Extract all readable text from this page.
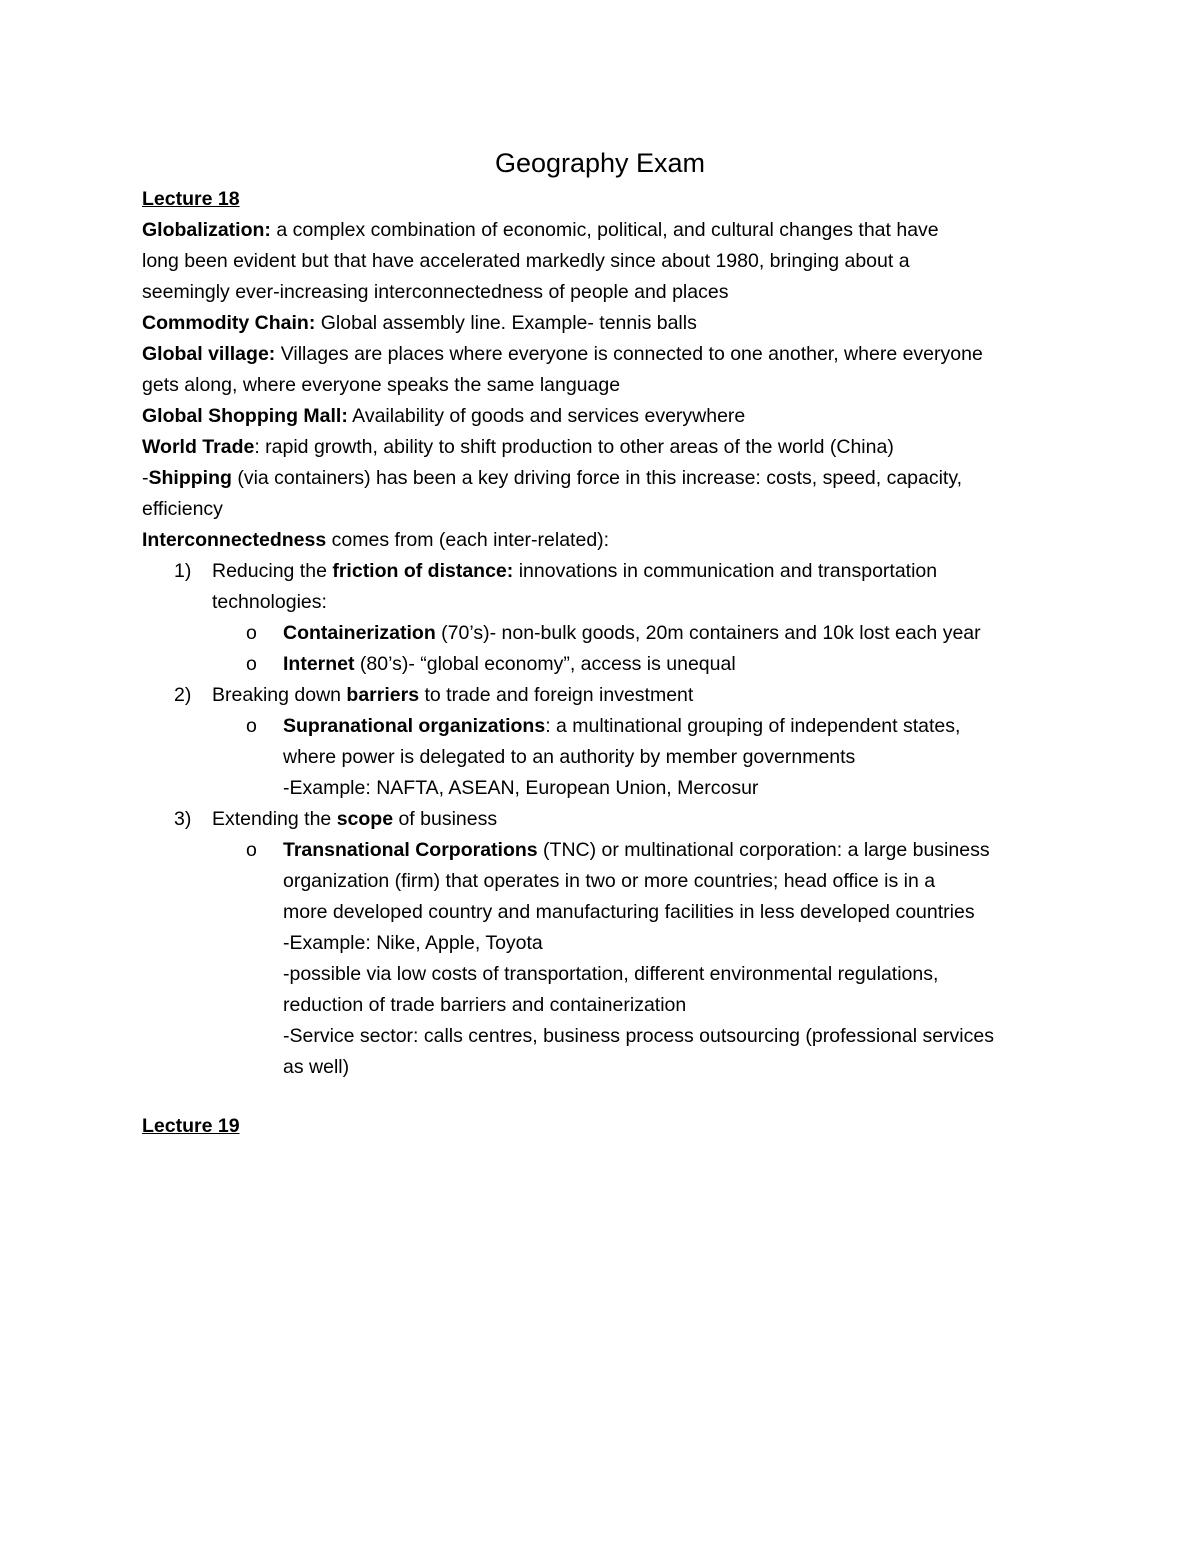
Geography Exam
Lecture 18
Globalization: a complex combination of economic, political, and cultural changes that have
long been evident but that have accelerated markedly since about 1980, bringing about a
seemingly ever-increasing interconnectedness of people and places
Commodity Chain: Global assembly line. Example- tennis balls
Global village: Villages are places where everyone is connected to one another, where everyone
gets along, where everyone speaks the same language
Global Shopping Mall: Availability of goods and services everywhere
World Trade: rapid growth, ability to shift production to other areas of the world (China)
-Shipping (via containers) has been a key driving force in this increase: costs, speed, capacity,
efficiency
Interconnectedness comes from (each inter-related):
1) Reducing the friction of distance: innovations in communication and transportation
technologies:
o Containerization (70’s)- non-bulk goods, 20m containers and 10k lost each year
o Internet (80’s)- “global economy”, access is unequal
2) Breaking down barriers to trade and foreign investment
o Supranational organizations: a multinational grouping of independent states,
where power is delegated to an authority by member governments
-Example: NAFTA, ASEAN, European Union, Mercosur
3) Extending the scope of business
o Transnational Corporations (TNC) or multinational corporation: a large business
organization (firm) that operates in two or more countries; head office is in a
more developed country and manufacturing facilities in less developed countries
-Example: Nike, Apple, Toyota
-possible via low costs of transportation, different environmental regulations,
reduction of trade barriers and containerization
-Service sector: calls centres, business process outsourcing (professional services
as well)
Lecture 19
